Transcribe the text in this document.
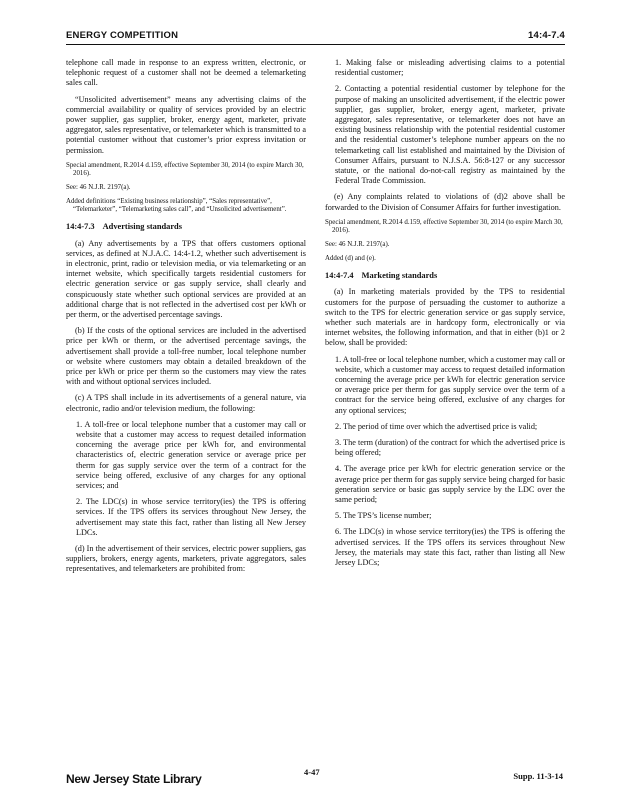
ENERGY COMPETITION	14:4-7.4

telephone call made in response to an express written, electronic, or telephonic request of a customer shall not be deemed a telemarketing sales call.

“Unsolicited advertisement” means any advertising claims of the commercial availability or quality of services provided by an electric power supplier, gas supplier, broker, energy agent, marketer, private aggregator, sales representative, or telemarketer which is transmitted to a potential customer without that customer’s prior express invitation or permission.

Special amendment, R.2014 d.159, effective September 30, 2014 (to expire March 30, 2016).

See: 46 N.J.R. 2197(a).

Added definitions “Existing business relationship”, “Sales representative”, “Telemarketer”, “Telemarketing sales call”, and “Unsolicited advertisement”.

14:4-7.3 Advertising standards

(a) Any advertisements by a TPS that offers customers optional services, as defined at N.J.A.C. 14:4-1.2, whether such advertisement is in electronic, print, radio or television media, or via telemarketing or an internet website, which specifically targets residential customers for electric generation service or gas supply service, shall clearly and conspicuously state whether such optional services are provided at an additional charge that is not reflected in the advertised cost per kWh or per therm, or the advertised percentage savings.

(b) If the costs of the optional services are included in the advertised price per kWh or therm, or the advertised percentage savings, the advertisement shall provide a toll-free number, local telephone number or website where customers may obtain a detailed breakdown of the price per kWh or price per therm so the customers may view the rates with and without optional services included.

(c) A TPS shall include in its advertisements of a general nature, via electronic, radio and/or television medium, the following:

1. A toll-free or local telephone number that a customer may call or website that a customer may access to request detailed information concerning the average price per kWh for, and environmental characteristics of, electric generation service or average price per therm for gas supply service over the term of a contract for the service being offered, exclusive of any charges for any optional services; and

2. The LDC(s) in whose service territory(ies) the TPS is offering services. If the TPS offers its services throughout New Jersey, the advertisement may state this fact, rather than listing all New Jersey LDCs.

(d) In the advertisement of their services, electric power suppliers, gas suppliers, brokers, energy agents, marketers, private aggregators, sales representatives, and telemarketers are prohibited from:

1. Making false or misleading advertising claims to a potential residential customer;

2. Contacting a potential residential customer by telephone for the purpose of making an unsolicited advertisement, if the electric power supplier, gas supplier, broker, energy agent, marketer, private aggregator, sales representative, or telemarketer does not have an existing business relationship with the potential residential customer and the residential customer’s telephone number appears on the no telemarketing call list established and maintained by the Division of Consumer Affairs, pursuant to N.J.S.A. 56:8-127 or any successor statute, or the national do-not-call registry as maintained by the Federal Trade Commission.

(e) Any complaints related to violations of (d)2 above shall be forwarded to the Division of Consumer Affairs for further investigation.

Special amendment, R.2014 d.159, effective September 30, 2014 (to expire March 30, 2016).

See: 46 N.J.R. 2197(a).

Added (d) and (e).

14:4-7.4 Marketing standards

(a) In marketing materials provided by the TPS to residential customers for the purpose of persuading the customer to authorize a switch to the TPS for electric generation service or gas supply service, whether such materials are in hardcopy form, electronically or via internet websites, the following information, and that in either (b)1 or 2 below, shall be provided:

1. A toll-free or local telephone number, which a customer may call or website, which a customer may access to request detailed information concerning the average price per kWh for electric generation service or average price per therm for gas supply service over the term of a contract for the service being offered, exclusive of any charges for any optional services;

2. The period of time over which the advertised price is valid;

3. The term (duration) of the contract for which the advertised price is being offered;

4. The average price per kWh for electric generation service or the average price per therm for gas supply service being charged for basic generation service or basic gas supply service by the LDC over the same period;

5. The TPS’s license number;

6. The LDC(s) in whose service territory(ies) the TPS is offering the advertised services. If the TPS offers its services throughout New Jersey, the materials may state this fact, rather than listing all New Jersey LDCs;

New Jersey State Library	4-47	Supp. 11-3-14
